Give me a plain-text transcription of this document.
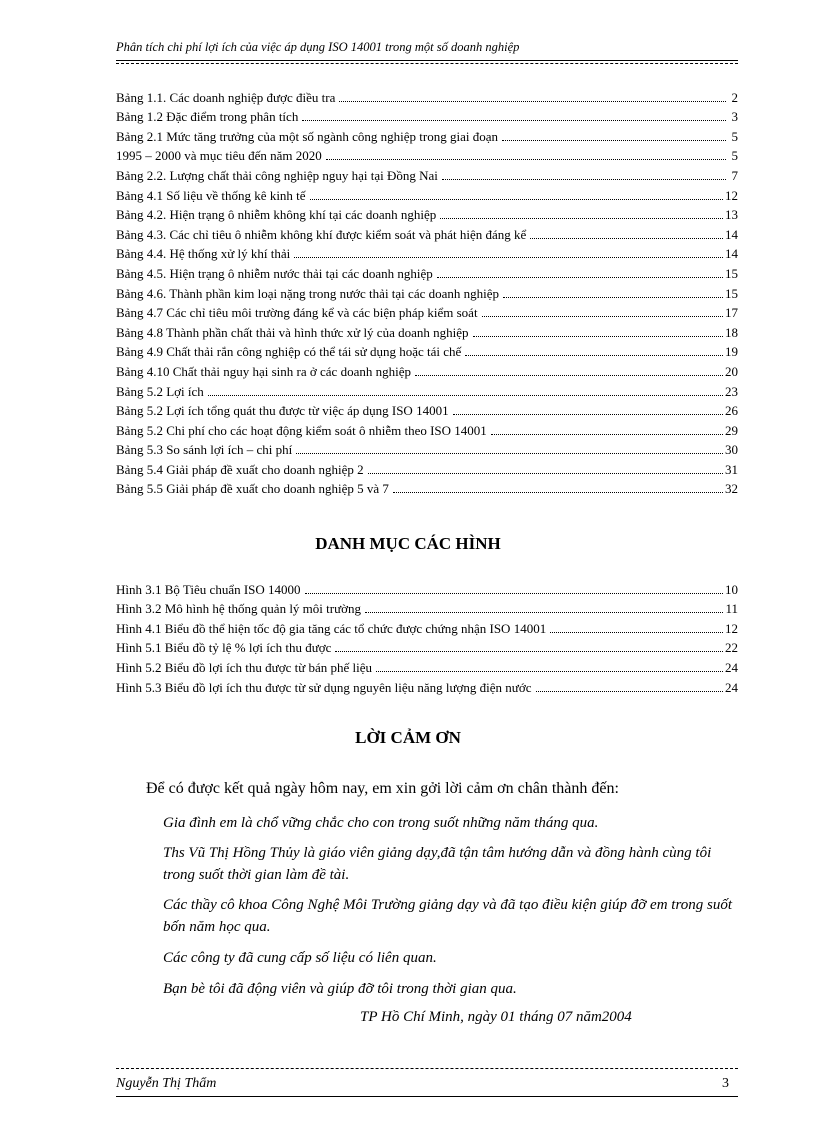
Phân tích chi phí lợi ích của việc áp dụng ISO 14001 trong một số doanh nghiệp
Bảng 1.1. Các doanh nghiệp được điều tra	2
Bảng 1.2 Đặc điểm trong phân tích	3
Bảng 2.1 Mức tăng trưởng của một số ngành công nghiệp trong giai đoạn	5
1995 – 2000 và mục tiêu đến năm 2020	5
Bảng 2.2. Lượng chất thải công nghiệp nguy hại tại Đồng Nai	7
Bảng 4.1 Số liệu về thống kê kinh tế	12
Bảng 4.2. Hiện trạng ô nhiễm không khí tại các doanh nghiệp	13
Bảng 4.3. Các chỉ tiêu ô nhiễm không khí được kiểm soát và phát hiện đáng kể	14
Bảng 4.4. Hệ thống xử lý khí thải	14
Bảng 4.5. Hiện trạng ô nhiễm nước thải tại các doanh nghiệp	15
Bảng 4.6. Thành phần kim loại nặng trong nước thải tại các doanh nghiệp	15
Bảng 4.7 Các chỉ tiêu môi trường đáng kể và các biện pháp kiểm soát	17
Bảng 4.8 Thành phần chất thải và hình thức xử lý của doanh nghiệp	18
Bảng 4.9 Chất thải rắn công nghiệp có thể tái sử dụng hoặc tái chế	19
Bảng 4.10 Chất thải nguy hại sinh ra ở các doanh nghiệp	20
Bảng 5.2 Lợi ích	23
Bảng 5.2 Lợi ích tổng quát thu được từ việc áp dụng ISO 14001	26
Bảng 5.2 Chi phí cho các hoạt động kiểm soát ô nhiễm theo ISO 14001	29
Bảng 5.3 So sánh lợi ích – chi phí	30
Bảng 5.4 Giải pháp đề xuất cho doanh nghiệp 2	31
Bảng 5.5 Giải pháp đề xuất cho doanh nghiệp 5 và 7	32
DANH MỤC CÁC HÌNH
Hình 3.1 Bộ Tiêu chuẩn ISO 14000	10
Hình 3.2 Mô hình hệ thống quản lý môi trường	11
Hình 4.1 Biểu đồ thể hiện tốc độ gia tăng các tổ chức được chứng nhận ISO 14001	12
Hình 5.1 Biểu đồ tỷ lệ % lợi ích thu được	22
Hình 5.2 Biểu đồ lợi ích thu được từ bán phế liệu	24
Hình 5.3 Biểu đồ lợi ích thu được từ sử dụng nguyên liệu năng lượng điện nước	24
LỜI CẢM ƠN
Để có được kết quả ngày hôm nay, em xin gởi lời cảm ơn chân thành đến:

Gia đình em là chổ vững chắc cho con trong suốt những năm tháng qua.

Ths Vũ Thị Hồng Thủy là giáo viên giảng dạy,đã tận tâm hướng dẫn và đồng hành cùng tôi trong suốt thời gian làm đề tài.

Các thầy cô khoa Công Nghệ Môi Trường giảng dạy và đã tạo điều kiện giúp đỡ em trong suốt bốn năm học qua.

Các công ty đã cung cấp số liệu có liên quan.

Bạn bè tôi đã động viên và giúp đỡ tôi trong thời gian qua.

TP Hồ Chí Minh, ngày 01 tháng 07 năm2004
Nguyễn Thị Thẩm	3
